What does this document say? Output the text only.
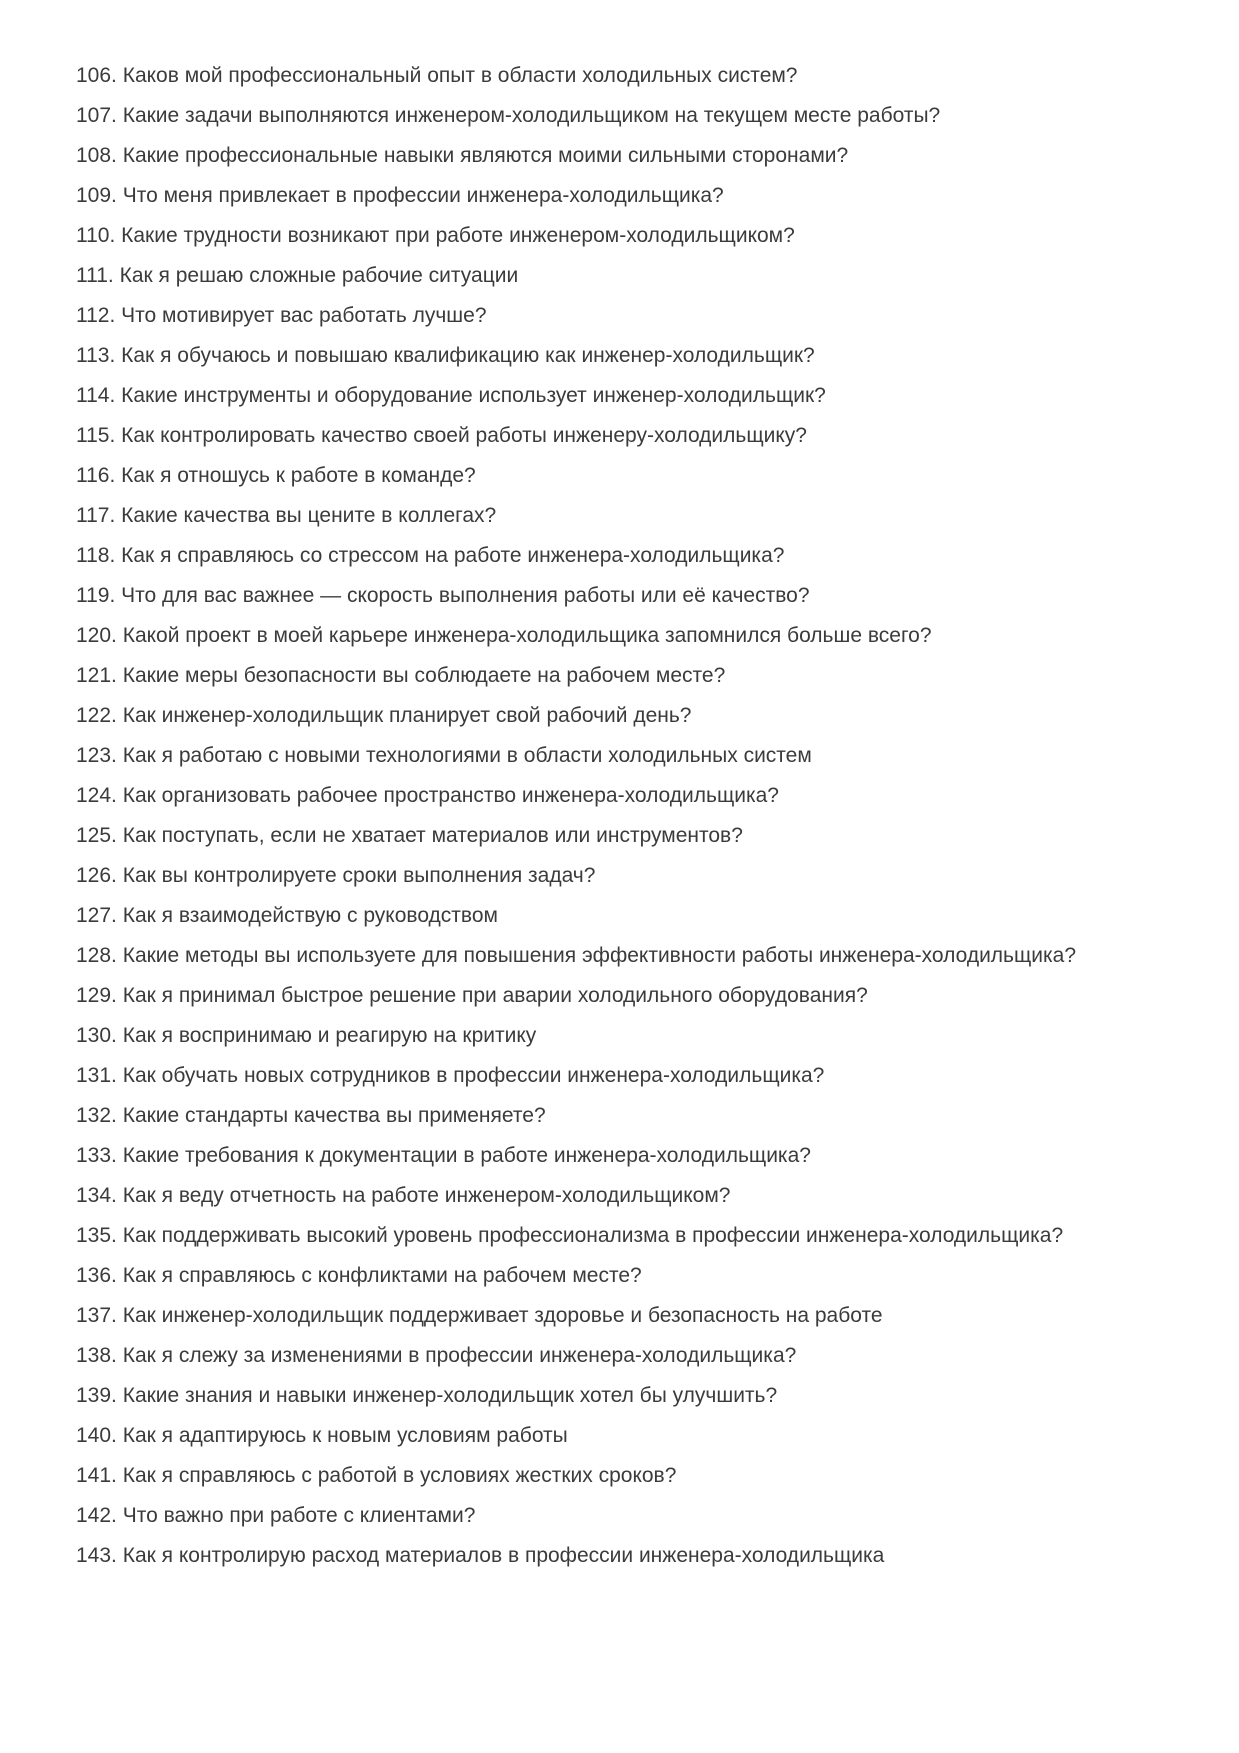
106. Каков мой профессиональный опыт в области холодильных систем?

107. Какие задачи выполняются инженером-холодильщиком на текущем месте работы?

108. Какие профессиональные навыки являются моими сильными сторонами?

109. Что меня привлекает в профессии инженера-холодильщика?

110. Какие трудности возникают при работе инженером-холодильщиком?

111. Как я решаю сложные рабочие ситуации

112. Что мотивирует вас работать лучше?

113. Как я обучаюсь и повышаю квалификацию как инженер-холодильщик?

114. Какие инструменты и оборудование использует инженер-холодильщик?

115. Как контролировать качество своей работы инженеру-холодильщику?

116. Как я отношусь к работе в команде?

117. Какие качества вы цените в коллегах?

118. Как я справляюсь со стрессом на работе инженера-холодильщика?

119. Что для вас важнее — скорость выполнения работы или её качество?

120. Какой проект в моей карьере инженера-холодильщика запомнился больше всего?

121. Какие меры безопасности вы соблюдаете на рабочем месте?

122. Как инженер-холодильщик планирует свой рабочий день?

123. Как я работаю с новыми технологиями в области холодильных систем

124. Как организовать рабочее пространство инженера-холодильщика?

125. Как поступать, если не хватает материалов или инструментов?

126. Как вы контролируете сроки выполнения задач?

127. Как я взаимодействую с руководством

128. Какие методы вы используете для повышения эффективности работы инженера-холодильщика?

129. Как я принимал быстрое решение при аварии холодильного оборудования?

130. Как я воспринимаю и реагирую на критику

131. Как обучать новых сотрудников в профессии инженера-холодильщика?

132. Какие стандарты качества вы применяете?

133. Какие требования к документации в работе инженера-холодильщика?

134. Как я веду отчетность на работе инженером-холодильщиком?

135. Как поддерживать высокий уровень профессионализма в профессии инженера-холодильщика?

136. Как я справляюсь с конфликтами на рабочем месте?

137. Как инженер-холодильщик поддерживает здоровье и безопасность на работе

138. Как я слежу за изменениями в профессии инженера-холодильщика?

139. Какие знания и навыки инженер-холодильщик хотел бы улучшить?

140. Как я адаптируюсь к новым условиям работы

141. Как я справляюсь с работой в условиях жестких сроков?

142. Что важно при работе с клиентами?

143. Как я контролирую расход материалов в профессии инженера-холодильщика
